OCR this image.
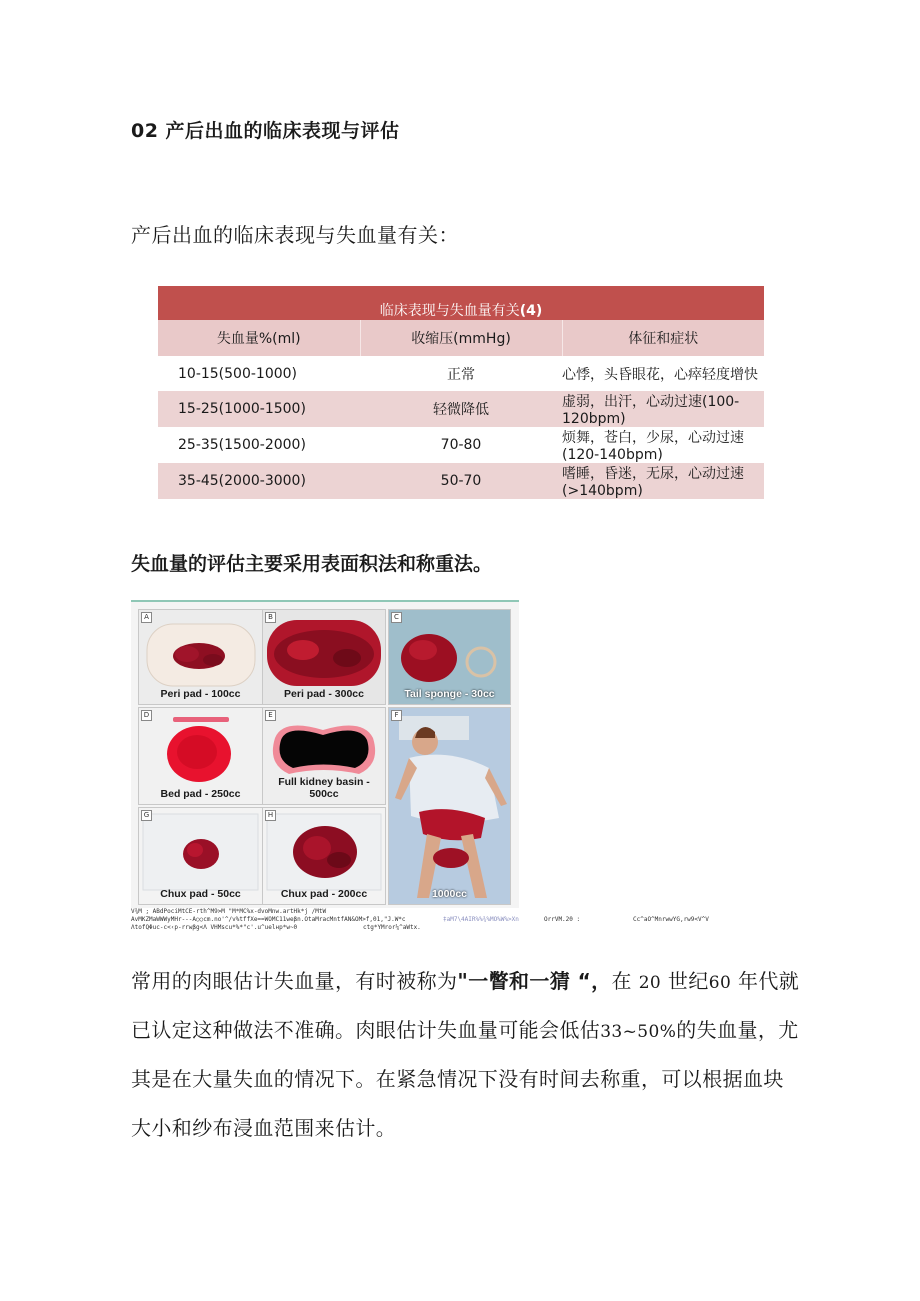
02 产后出血的临床表现与评估
产后出血的临床表现与失血量有关：
临床表现与失血量有关(4)		
失血量%(ml)	收缩压(mmHg)	体征和症状
10-15(500-1000)	正常	心悸，头昏眼花，心瘁轻度增快
15-25(1000-1500)	轻微降低	虚弱，出汗，心动过速(100-120bpm)
25-35(1500-2000)	70-80	烦舞，苍白，少尿，心动过速(120-140bpm)
35-45(2000-3000)	50-70	嗜睡，昏迷，无尿，心动过速(>140bpm)
失血量的评估主要采用表面积法和称重法。
A
Peri pad - 100cc
B
Peri pad - 300cc
C
Tail sponge - 30cc
D
Bed pad - 250cc
E
Full kidney basin - 500cc
F
1000cc
G
Chux pad - 50cc
H
Chux pad - 200cc
V¾M ; ABdPociMtCE-rth^M9>M "M*MC%x-dvoMnw.artHk*j /MtW
AvMKZMaWWWyMHr---A○○cm.no'^/v%tffXe==WOMC11weβn.OtaMracMntfAN&OM>f,01,"J.W*c	‡aM7\4AIR%%¾%MO%W%>Xn	OrrVM.20 :	Cc^aO^MnrwwYG,rw9<V^V
ΛtofQΦuc-c<‹p-rrwβg<Λ VHMscu*%*"c'.u^uelнp*w~0	ctg*YMror¼^aWtx.
常用的肉眼估计失血量，有时被称为"一瞥和一猜 “，在 20 世纪60 年代就
已认定这种做法不准确。肉眼估计失血量可能会低估33~50%的失血量，尤
其是在大量失血的情况下。在紧急情况下没有时间去称重，可以根据血块
大小和纱布浸血范围来估计。
